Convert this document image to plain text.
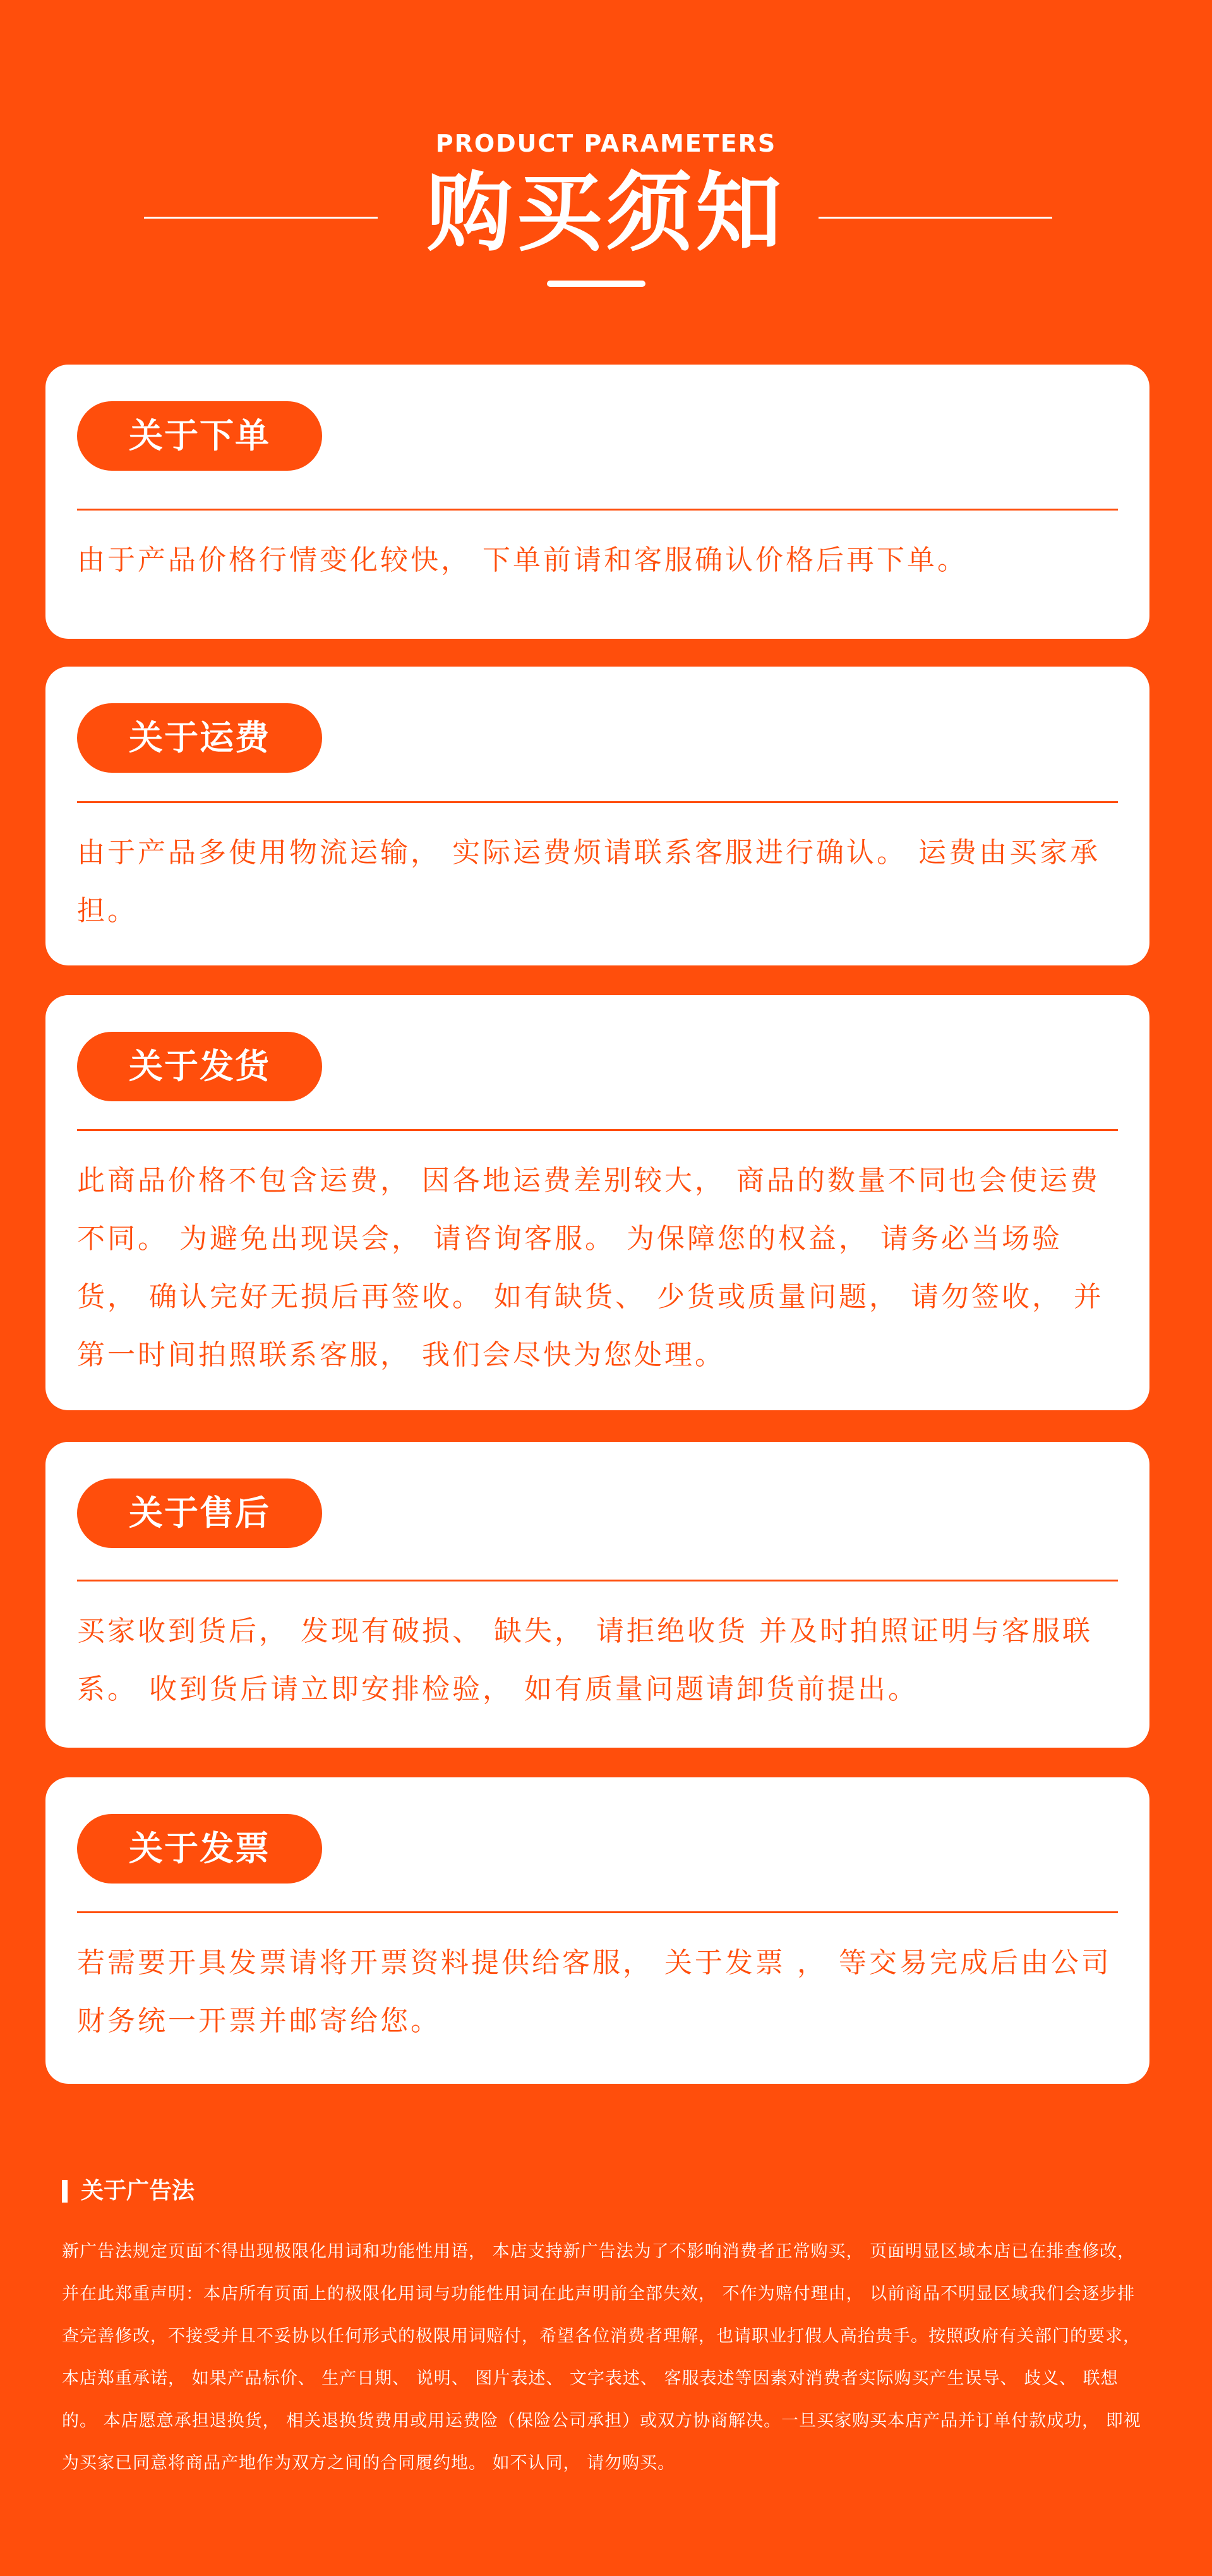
PRODUCT PARAMETERS
购买须知
关于下单
由于产品价格行情变化较快， 下单前请和客服确认价格后再下单。
关于运费
由于产品多使用物流运输， 实际运费烦请联系客服进行确认。 运费由买家承担。
关于发货
此商品价格不包含运费， 因各地运费差别较大， 商品的数量不同也会使运费不同。 为避免出现误会， 请咨询客服。 为保障您的权益， 请务必当场验货， 确认完好无损后再签收。 如有缺货、 少货或质量问题， 请勿签收， 并第一时间拍照联系客服， 我们会尽快为您处理。
关于售后
买家收到货后， 发现有破损、 缺失， 请拒绝收货 并及时拍照证明与客服联系。 收到货后请立即安排检验， 如有质量问题请卸货前提出。
关于发票
若需要开具发票请将开票资料提供给客服， 关于发票 ， 等交易完成后由公司财务统一开票并邮寄给您。
关于广告法
新广告法规定页面不得出现极限化用词和功能性用语， 本店支持新广告法为了不影响消费者正常购买， 页面明显区域本店已在排查修改， 并在此郑重声明：本店所有页面上的极限化用词与功能性用词在此声明前全部失效， 不作为赔付理由， 以前商品不明显区域我们会逐步排查完善修改，不接受并且不妥协以任何形式的极限用词赔付，希望各位消费者理解，也请职业打假人高抬贵手。按照政府有关部门的要求， 本店郑重承诺， 如果产品标价、 生产日期、 说明、 图片表述、 文字表述、 客服表述等因素对消费者实际购买产生误导、 歧义、 联想的。 本店愿意承担退换货， 相关退换货费用或用运费险（保险公司承担）或双方协商解决。一旦买家购买本店产品并订单付款成功， 即视为买家已同意将商品产地作为双方之间的合同履约地。 如不认同， 请勿购买。
